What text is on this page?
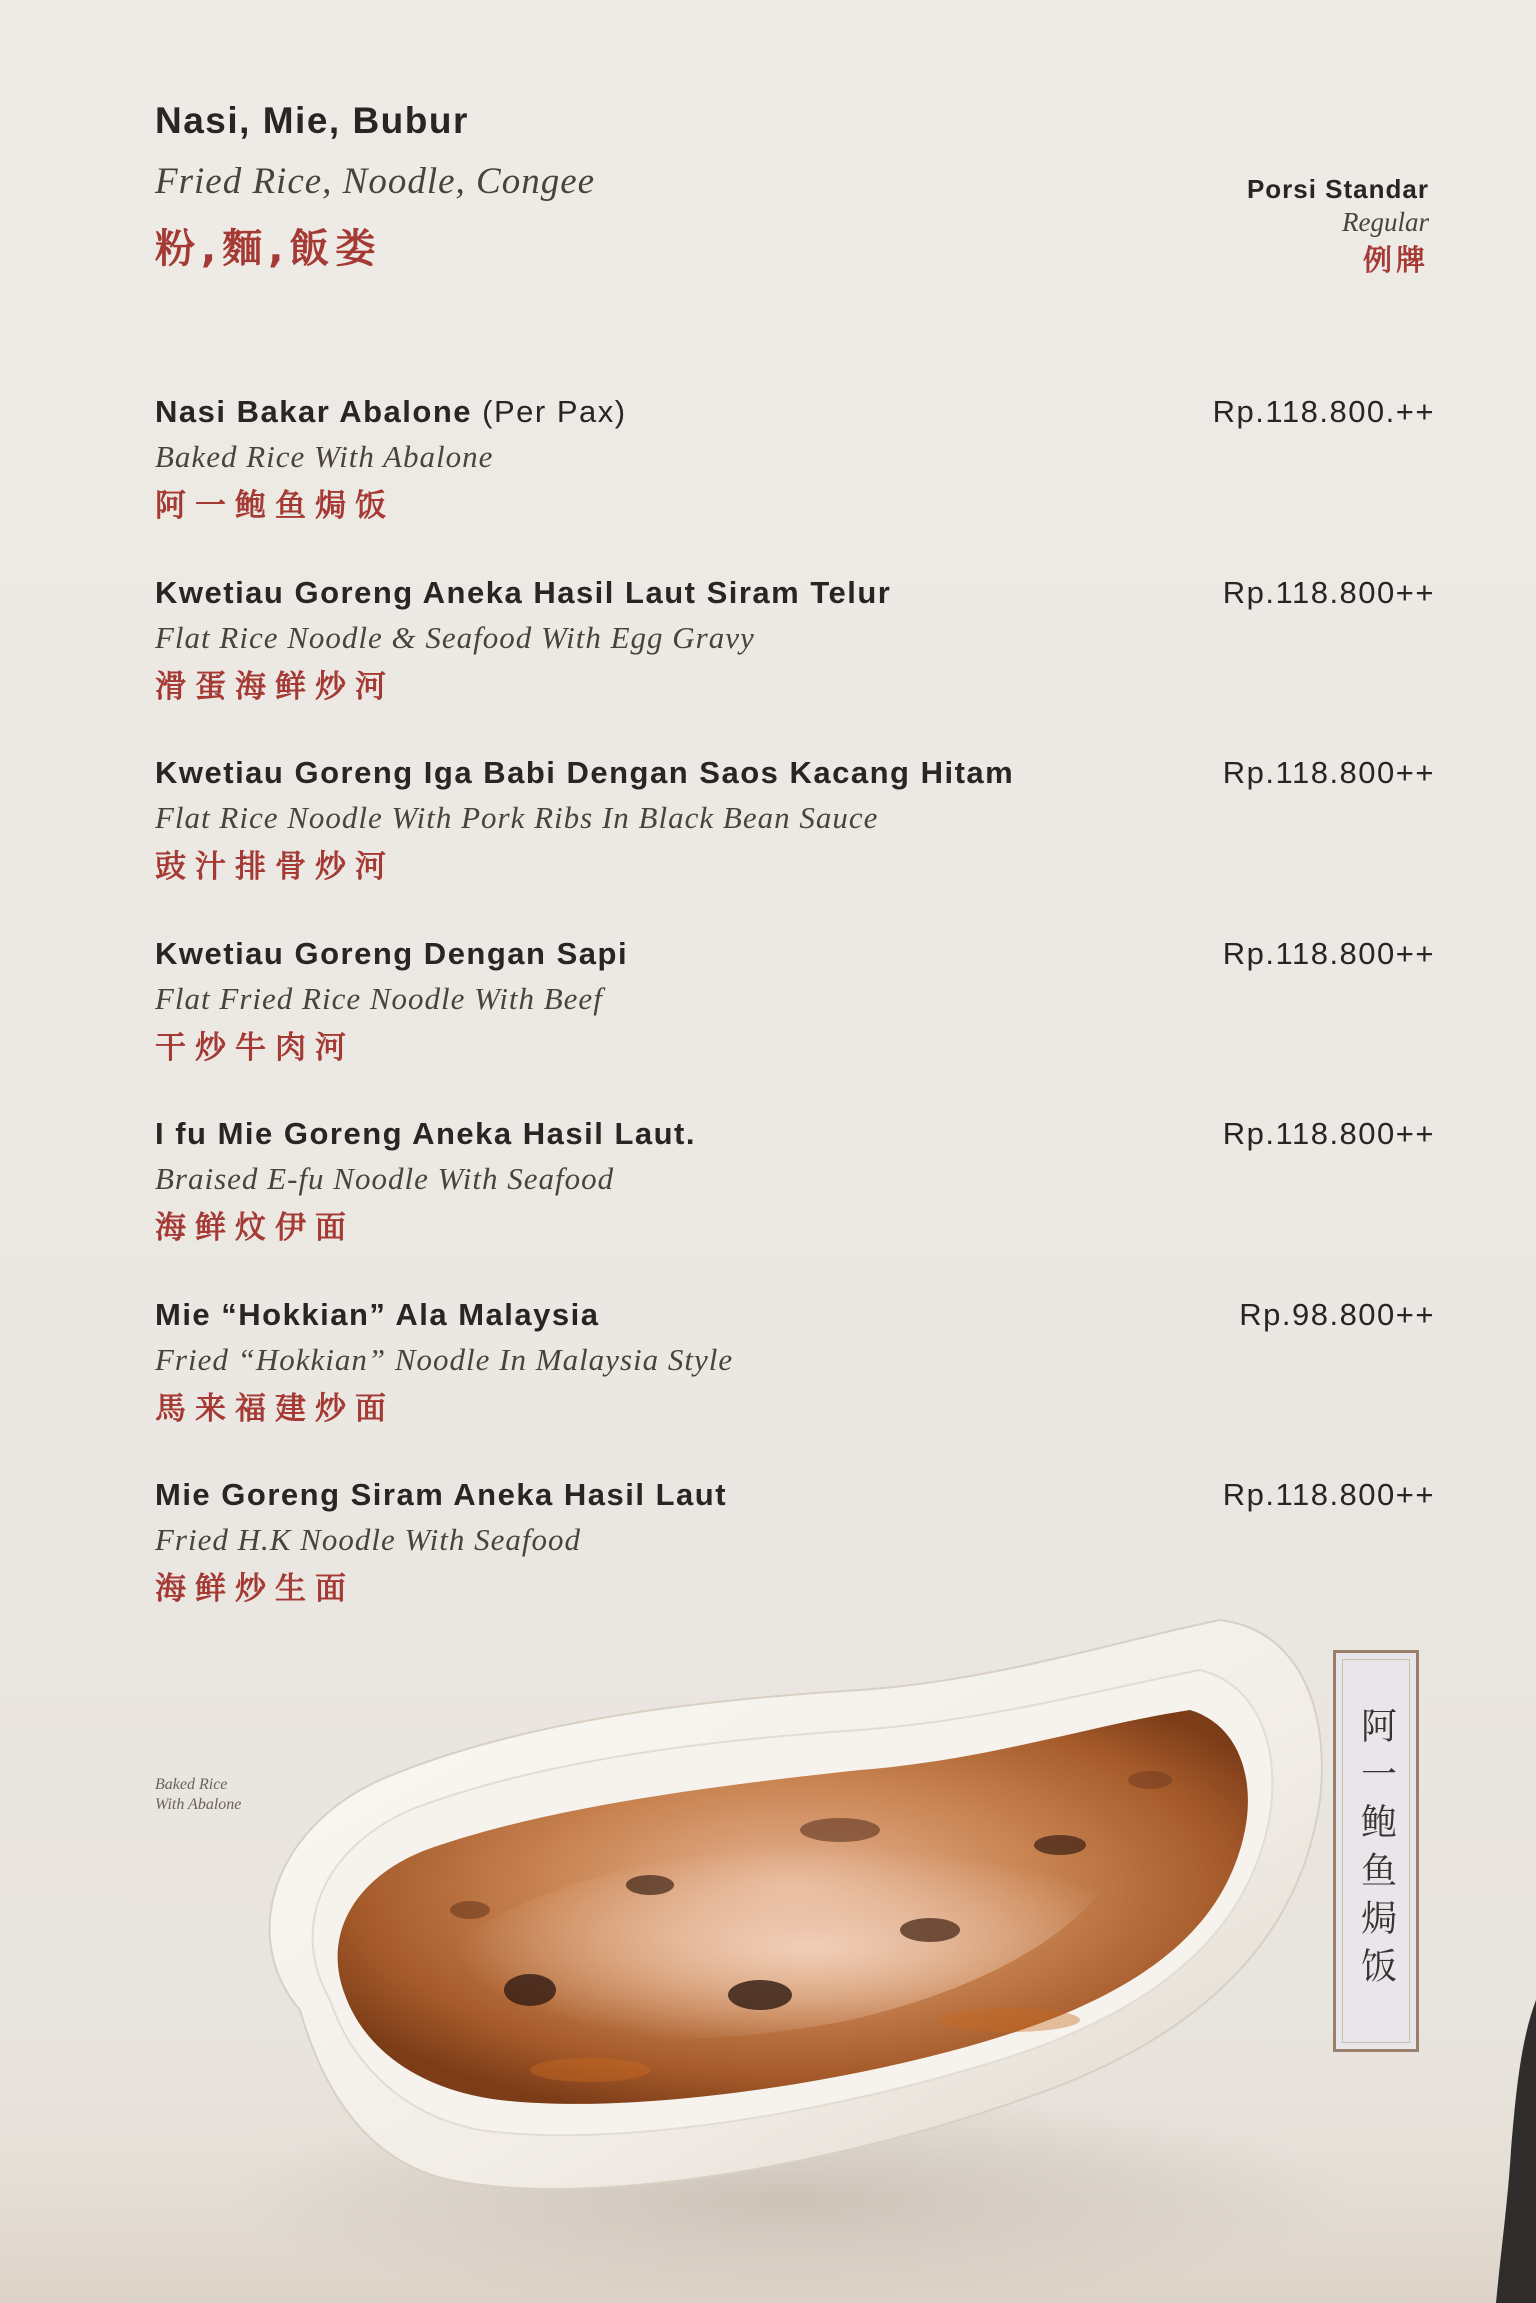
Nasi, Mie, Bubur
Fried Rice, Noodle, Congee
粉,麵,飯娄
Porsi Standar
Regular
例牌
Nasi Bakar Abalone (Per Pax)
Baked Rice With Abalone
阿一鲍鱼焗饭
Rp.118.800.++
Kwetiau Goreng Aneka Hasil Laut Siram Telur
Flat Rice Noodle & Seafood With Egg Gravy
滑蛋海鲜炒河
Rp.118.800++
Kwetiau Goreng Iga Babi Dengan Saos Kacang Hitam
Flat Rice Noodle With Pork Ribs In Black Bean Sauce
豉汁排骨炒河
Rp.118.800++
Kwetiau Goreng Dengan Sapi
Flat Fried Rice Noodle With Beef
干炒牛肉河
Rp.118.800++
I fu Mie Goreng Aneka Hasil Laut.
Braised E-fu Noodle With Seafood
海鲜炆伊面
Rp.118.800++
Mie “Hokkian” Ala Malaysia
Fried “Hokkian” Noodle In Malaysia Style
馬来福建炒面
Rp.98.800++
Mie Goreng Siram Aneka Hasil Laut
Fried H.K Noodle With Seafood
海鲜炒生面
Rp.118.800++
Baked Rice
With Abalone	阿一鲍鱼焗饭
